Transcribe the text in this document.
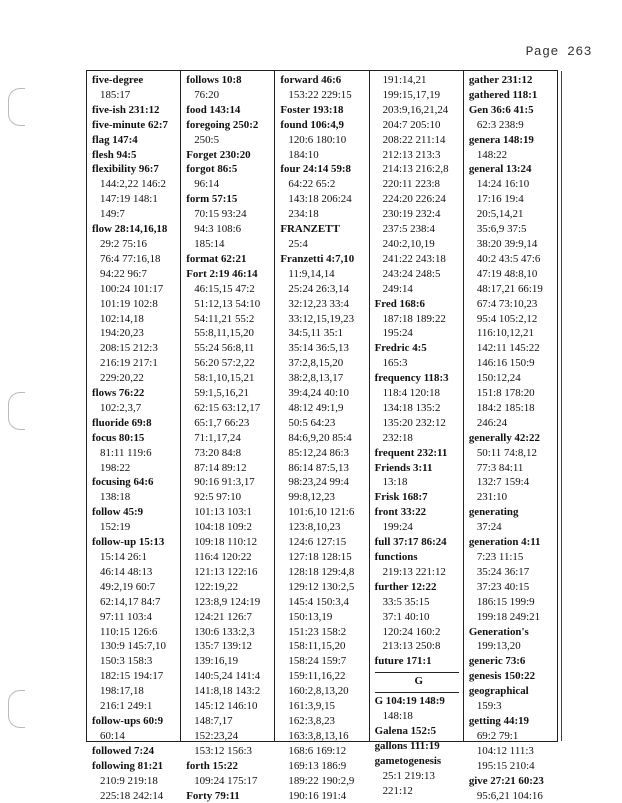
Page 263
five-degree
185:17
five-ish 231:12
five-minute 62:7
flag 147:4
flesh 94:5
flexibility 96:7
144:2,22 146:2
147:19 148:1
149:7
flow 28:14,16,18
29:2 75:16
76:4 77:16,18
94:22 96:7
100:24 101:17
101:19 102:8
102:14,18
194:20,23
208:15 212:3
216:19 217:1
229:20,22
flows 76:22
102:2,3,7
fluoride 69:8
focus 80:15
81:11 119:6
198:22
focusing 64:6
138:18
follow 45:9
152:19
follow-up 15:13
15:14 26:1
46:14 48:13
49:2,19 60:7
62:14,17 84:7
97:11 103:4
110:15 126:6
130:9 145:7,10
150:3 158:3
182:15 194:17
198:17,18
216:1 249:1
follow-ups 60:9
60:14
followed 7:24
following 81:21
210:9 219:18
225:18 242:14
follows 10:8
76:20
food 143:14
foregoing 250:2
250:5
Forget 230:20
forgot 86:5
96:14
form 57:15
70:15 93:24
94:3 108:6
185:14
format 62:21
Fort 2:19 46:14
46:15,15 47:2
51:12,13 54:10
54:11,21 55:2
55:8,11,15,20
55:24 56:8,11
56:20 57:2,22
58:1,10,15,21
59:1,5,16,21
62:15 63:12,17
65:1,7 66:23
71:1,17,24
73:20 84:8
87:14 89:12
90:16 91:3,17
92:5 97:10
101:13 103:1
104:18 109:2
109:18 110:12
116:4 120:22
121:13 122:16
122:19,22
123:8,9 124:19
124:21 126:7
130:6 133:2,3
135:7 139:12
139:16,19
140:5,24 141:4
141:8,18 143:2
145:12 146:10
148:7,17
152:23,24
153:12 156:3
forth 15:22
109:24 175:17
Forty 79:11
forward 46:6
153:22 229:15
Foster 193:18
found 106:4,9
120:6 180:10
184:10
four 24:14 59:8
64:22 65:2
143:18 206:24
234:18
FRANZETT
25:4
Franzetti 4:7,10
11:9,14,14
25:24 26:3,14
32:12,23 33:4
33:12,15,19,23
34:5,11 35:1
35:14 36:5,13
37:2,8,15,20
38:2,8,13,17
39:4,24 40:10
48:12 49:1,9
50:5 64:23
84:6,9,20 85:4
85:12,24 86:3
86:14 87:5,13
98:23,24 99:4
99:8,12,23
101:6,10 121:6
123:8,10,23
124:6 127:15
127:18 128:15
128:18 129:4,8
129:12 130:2,5
145:4 150:3,4
150:13,19
151:23 158:2
158:11,15,20
158:24 159:7
159:11,16,22
160:2,8,13,20
161:3,9,15
162:3,8,23
163:3,8,13,16
168:6 169:12
169:13 186:9
189:22 190:2,9
190:16 191:4
191:14,21
199:15,17,19
203:9,16,21,24
204:7 205:10
208:22 211:14
212:13 213:3
214:13 216:2,8
220:11 223:8
224:20 226:24
230:19 232:4
237:5 238:4
240:2,10,19
241:22 243:18
243:24 248:5
249:14
Fred 168:6
187:18 189:22
195:24
Fredric 4:5
165:3
frequency 118:3
118:4 120:18
134:18 135:2
135:20 232:12
232:18
frequent 232:11
Friends 3:11
13:18
Frisk 168:7
front 33:22
199:24
full 37:17 86:24
functions
219:13 221:12
further 12:22
33:5 35:15
37:1 40:10
120:24 160:2
213:13 250:8
future 171:1
G
G 104:19 148:9
148:18
Galena 152:5
gallons 111:19
gametogenesis
25:1 219:13
221:12
gather 231:12
gathered 118:1
Gen 36:6 41:5
62:3 238:9
genera 148:19
148:22
general 13:24
14:24 16:10
17:16 19:4
20:5,14,21
35:6,9 37:5
38:20 39:9,14
40:2 43:5 47:6
47:19 48:8,10
48:17,21 66:19
67:4 73:10,23
95:4 105:2,12
116:10,12,21
142:11 145:22
146:16 150:9
150:12,24
151:8 178:20
184:2 185:18
246:24
generally 42:22
50:11 74:8,12
77:3 84:11
132:7 159:4
231:10
generating
37:24
generation 4:11
7:23 11:15
35:24 36:17
37:23 40:15
186:15 199:9
199:18 249:21
Generation's
199:13,20
generic 73:6
genesis 150:22
geographical
159:3
getting 44:19
69:2 79:1
104:12 111:3
195:15 210:4
give 27:21 60:23
95:6,21 104:16
